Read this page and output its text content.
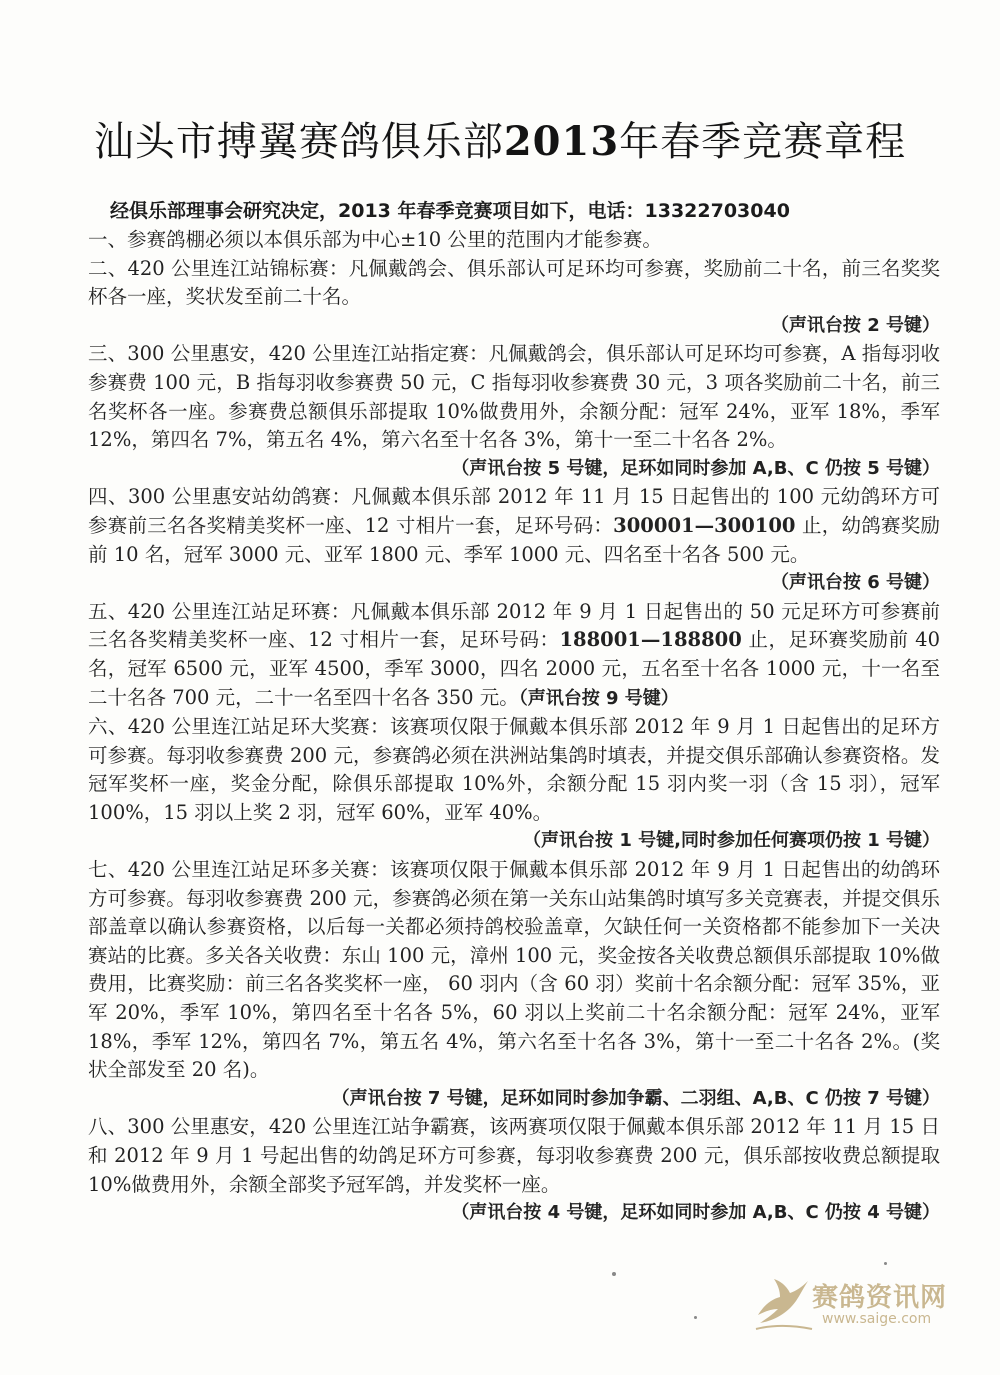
汕头市搏翼赛鸽俱乐部2013年春季竞赛章程
经俱乐部理事会研究决定，2013 年春季竞赛项目如下，电话：13322703040
一、参赛鸽棚必须以本俱乐部为中心±10 公里的范围内才能参赛。
二、420 公里连江站锦标赛：凡佩戴鸽会、俱乐部认可足环均可参赛，奖励前二十名，前三名奖奖杯各一座，奖状发至前二十名。
（声讯台按 2 号键）
三、300 公里惠安，420 公里连江站指定赛：凡佩戴鸽会，俱乐部认可足环均可参赛，A 指每羽收参赛费 100 元，B 指每羽收参赛费 50 元，C 指每羽收参赛费 30 元，3 项各奖励前二十名，前三名奖杯各一座。参赛费总额俱乐部提取 10%做费用外，余额分配：冠军 24%，亚军 18%，季军 12%，第四名 7%，第五名 4%，第六名至十名各 3%，第十一至二十名各 2%。
（声讯台按 5 号键，足环如同时参加 A,B、C 仍按 5 号键）
四、300 公里惠安站幼鸽赛：凡佩戴本俱乐部 2012 年 11 月 15 日起售出的 100 元幼鸽环方可参赛前三名各奖精美奖杯一座、12 寸相片一套，足环号码：300001—300100 止，幼鸽赛奖励前 10 名，冠军 3000 元、亚军 1800 元、季军 1000 元、四名至十名各 500 元。
（声讯台按 6 号键）
五、420 公里连江站足环赛：凡佩戴本俱乐部 2012 年 9 月 1 日起售出的 50 元足环方可参赛前三名各奖精美奖杯一座、12 寸相片一套，足环号码：188001—188800 止，足环赛奖励前 40 名，冠军 6500 元，亚军 4500，季军 3000，四名 2000 元，五名至十名各 1000 元，十一名至二十名各 700 元，二十一名至四十名各 350 元。（声讯台按 9 号键）
六、420 公里连江站足环大奖赛：该赛项仅限于佩戴本俱乐部 2012 年 9 月 1 日起售出的足环方可参赛。每羽收参赛费 200 元，参赛鸽必须在洪洲站集鸽时填表，并提交俱乐部确认参赛资格。发冠军奖杯一座，奖金分配，除俱乐部提取 10%外，余额分配 15 羽内奖一羽（含 15 羽），冠军 100%，15 羽以上奖 2 羽，冠军 60%，亚军 40%。
（声讯台按 1 号键,同时参加任何赛项仍按 1 号键）
七、420 公里连江站足环多关赛：该赛项仅限于佩戴本俱乐部 2012 年 9 月 1 日起售出的幼鸽环方可参赛。每羽收参赛费 200 元，参赛鸽必须在第一关东山站集鸽时填写多关竞赛表，并提交俱乐部盖章以确认参赛资格，以后每一关都必须持鸽校验盖章，欠缺任何一关资格都不能参加下一关决赛站的比赛。多关各关收费：东山 100 元，漳州 100 元，奖金按各关收费总额俱乐部提取 10%做费用，比赛奖励：前三名各奖奖杯一座， 60 羽内（含 60 羽）奖前十名余额分配：冠军 35%，亚军 20%，季军 10%，第四名至十名各 5%，60 羽以上奖前二十名余额分配：冠军 24%，亚军 18%，季军 12%，第四名 7%，第五名 4%，第六名至十名各 3%，第十一至二十名各 2%。(奖状全部发至 20 名)。
（声讯台按 7 号键，足环如同时参加争霸、二羽组、A,B、C 仍按 7 号键）
八、300 公里惠安，420 公里连江站争霸赛，该两赛项仅限于佩戴本俱乐部 2012 年 11 月 15 日和 2012 年 9 月 1 号起出售的幼鸽足环方可参赛，每羽收参赛费 200 元，俱乐部按收费总额提取 10%做费用外，余额全部奖予冠军鸽，并发奖杯一座。
（声讯台按 4 号键，足环如同时参加 A,B、C 仍按 4 号键）
赛鸽资讯网
www.saige.com
